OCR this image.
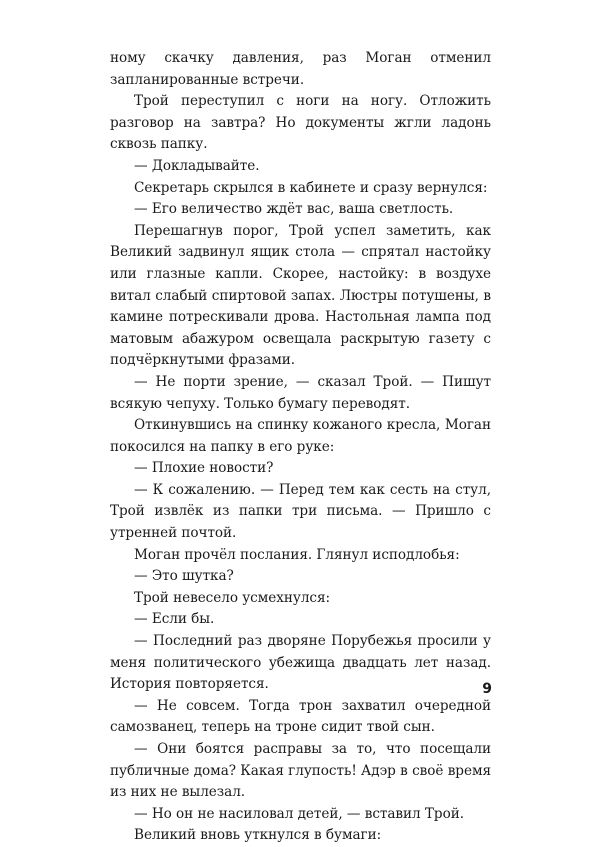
ному скачку давления, раз Моган отменил запланированные встречи.

Трой переступил с ноги на ногу. Отложить разговор на завтра? Но документы жгли ладонь сквозь папку.

— Докладывайте.

Секретарь скрылся в кабинете и сразу вернулся:

— Его величество ждёт вас, ваша светлость.

Перешагнув порог, Трой успел заметить, как Великий задвинул ящик стола — спрятал настойку или глазные капли. Скорее, настойку: в воздухе витал слабый спиртовой запах. Люстры потушены, в камине потрескивали дрова. Настольная лампа под матовым абажуром освещала раскрытую газету с подчёркнутыми фразами.

— Не порти зрение, — сказал Трой. — Пишут всякую чепуху. Только бумагу переводят.

Откинувшись на спинку кожаного кресла, Моган покосился на папку в его руке:

— Плохие новости?

— К сожалению. — Перед тем как сесть на стул, Трой извлёк из папки три письма. — Пришло с утренней почтой.

Моган прочёл послания. Глянул исподлобья:

— Это шутка?

Трой невесело усмехнулся:

— Если бы.

— Последний раз дворяне Порубежья просили у меня политического убежища двадцать лет назад. История повторяется.

— Не совсем. Тогда трон захватил очередной самозванец, теперь на троне сидит твой сын.

— Они боятся расправы за то, что посещали публичные дома? Какая глупость! Адэр в своё время из них не вылезал.

— Но он не насиловал детей, — вставил Трой.

Великий вновь уткнулся в бумаги:

9
